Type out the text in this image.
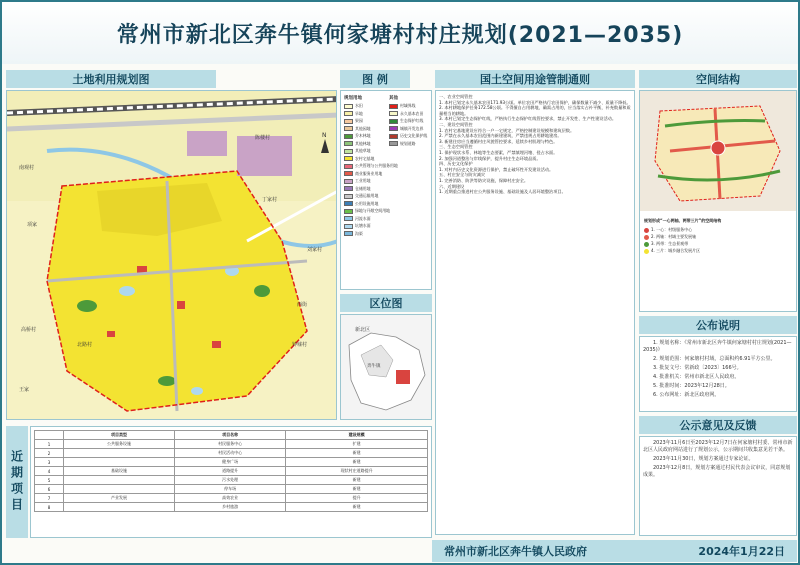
常州市新北区奔牛镇何家塘村村庄规划(2021—2035)
土地利用规划图
陈楼村
丁家村
南观村
项家
刘家村
高桥村
钟墟村
西街
北路村
王家
N
图 例
规划用地
水田
旱地
果园
其他园地
乔木林地
其他林地
其他草地
农村宅基地
公共管理与公共服务用地
商业服务业用地
工业用地
仓储用地
交通运输用地
公用设施用地
绿地与开敞空间用地
河流水面
坑塘水面
沟渠
其他
村域界线
永久基本农田
生态保护红线
城镇开发边界
历史文化保护线
规划道路
区位图
新北区
奔牛镇
近期项目
	项目类型	项目名称	建设规模
1	公共服务设施	村民服务中心	扩建
2		村民活动中心	新建
3		健身广场	新建
4	基础设施	道路提升	现状村庄道路提升
5		污水处理	新建
6		停车场	新建
7	产业发展	高效农业	提升
8		乡村旅游	新建
国土空间用途管制通则
一、农业空间管控
1. 本村已划定永久基本农田171.93公顷。单位农田严格执行农田保护，确保数量不减少、质量不降低。
2. 本村耕地保护任务172.58公顷。不得擅自占用耕地，确需占用的，应当落实占补平衡，补充数量和质量相当的耕地。
3. 本村已划定生态保护红线，严格执行生态保护红线管控要求，禁止开发性、生产性建设活动。
二、建设空间管控
1. 农村宅基地建设应符合一户一宅规定，严格控制建设规模和建筑层数。
2. 严禁在永久基本农田范围内新建建筑，严禁违规占用耕地建房。
3. 新建住房应当遵循村庄风貌管控要求，延续乡村肌理与特色。
三、生态空间管控
1. 保护现状水系、林地等生态要素，严禁填埋河塘、侵占水面。
2. 加强河道整治与岸线保护，提升村庄生态环境品质。
四、历史文化保护
1. 对村内历史文化资源进行保护，禁止破坏性开发建设活动。
五、村庄安全与防灾减灾
1. 完善消防、防洪等防灾设施，保障村庄安全。
六、近期建设
1. 近期重点推进村庄公共服务设施、基础设施及人居环境整治项目。
空间结构
规划形成“一心两轴、两带三片”的空间结构
1. 一心：村级服务中心
2. 两轴：村域主要发展轴
3. 两带：生态景观带
4. 三片：城乡融合发展片区
公布说明
1. 规划名称：《常州市新北区奔牛镇何家塘村村庄规划(2021—2035)》
2. 规划范围：何家塘村村域，总面积约6.91平方公里。
3. 批复文号：常新政〔2023〕166号。
4. 批准机关：常州市新北区人民政府。
5. 批准时间：2023年12月28日。
6. 公布网址：新北区政府网。
公示意见及反馈
2023年11月6日至2023年12月7日在何家塘村村委、常州市新北区人民政府网站进行了规划公示，公示期间共收集意见若干条。
2023年11月30日，规划方案通过专家论证。
2023年12月8日，规划方案通过村民代表会议审议，同意规划成果。
常州市新北区奔牛镇人民政府	2024年1月22日
